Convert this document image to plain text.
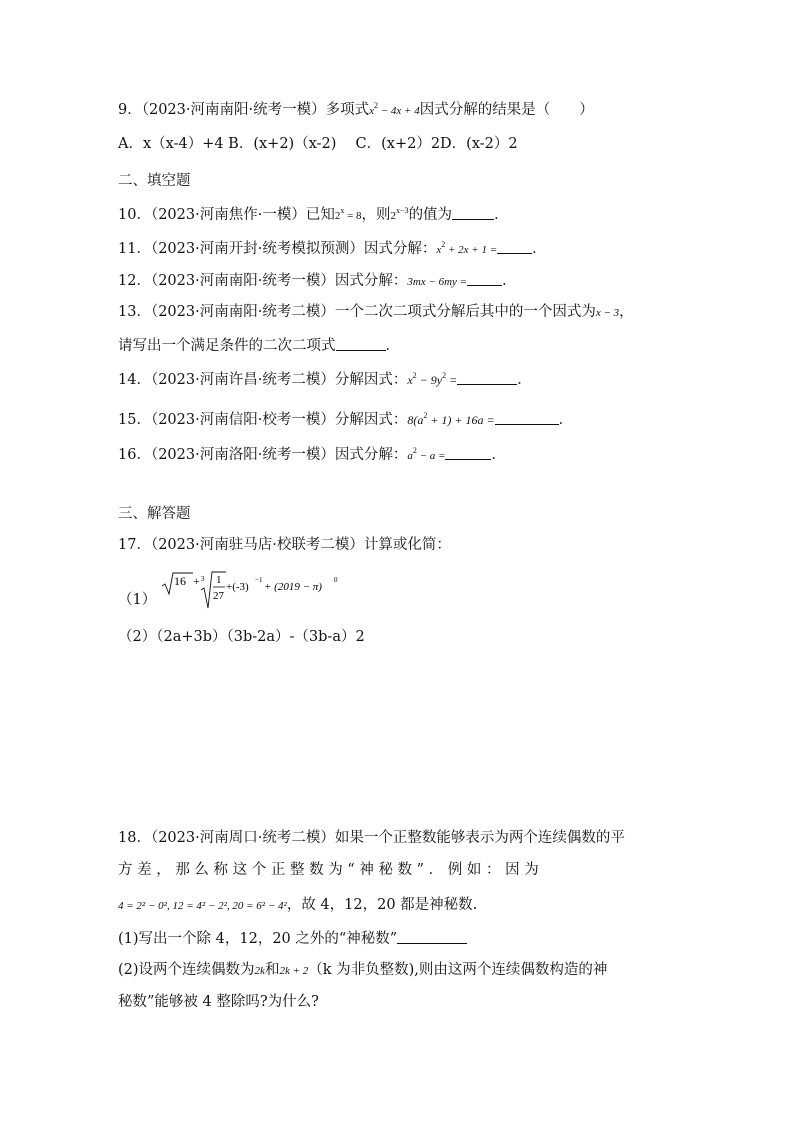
9．（2023·河南南阳·统考一模）多项式$x^2 - 4x + 4$因式分解的结果是（　　）
A．x（x-4）+4 B．(x+2)（x-2)　 C．(x+2）2D．(x-2）2
二、填空题
10．（2023·河南焦作·一模）已知$2^x = 8$，则$2^{x-3}$的值为	．
11．（2023·河南开封·统考模拟预测）因式分解：$x^2 + 2x + 1$ = ．
12．（2023·河南南阳·统考一模）因式分解：3mx − 6my = ．
13．（2023·河南南阳·统考二模）一个二次二项式分解后其中的一个因式为x − 3，
请写出一个满足条件的二次二项式	．
14．（2023·河南许昌·统考二模）分解因式：$x^2 - 9y^2$ =	．
15．（2023·河南信阳·校考一模）分解因式：$8(a^2 + 1) + 16a$ =	．
16．（2023·河南洛阳·统考一模）因式分解：$a^2 - a$ =	．
三、解答题
17．（2023·河南驻马店·校联考二模）计算或化简：
（1）
16 + 3 1
27
+(-3)
−1
+ (2019 − π)
0
（2）（2a+3b）（3b-2a）-（3b-a）2
18．（2023·河南周口·统考二模）如果一个正整数能够表示为两个连续偶数的平
方 差 ， 那 么 称 这 个 正 整 数 为 “ 神 秘 数 ” ． 例 如 ： 因 为
4 = 2² − 0², 12 = 4² − 2², 20 = 6² − 4²，故 4，12，20 都是神秘数.
(1)写出一个除 4，12，20 之外的“神秘数”
(2)设两个连续偶数为2k和2k + 2（k 为非负整数),则由这两个连续偶数构造的神
秘数”能够被 4 整除吗?为什么?
